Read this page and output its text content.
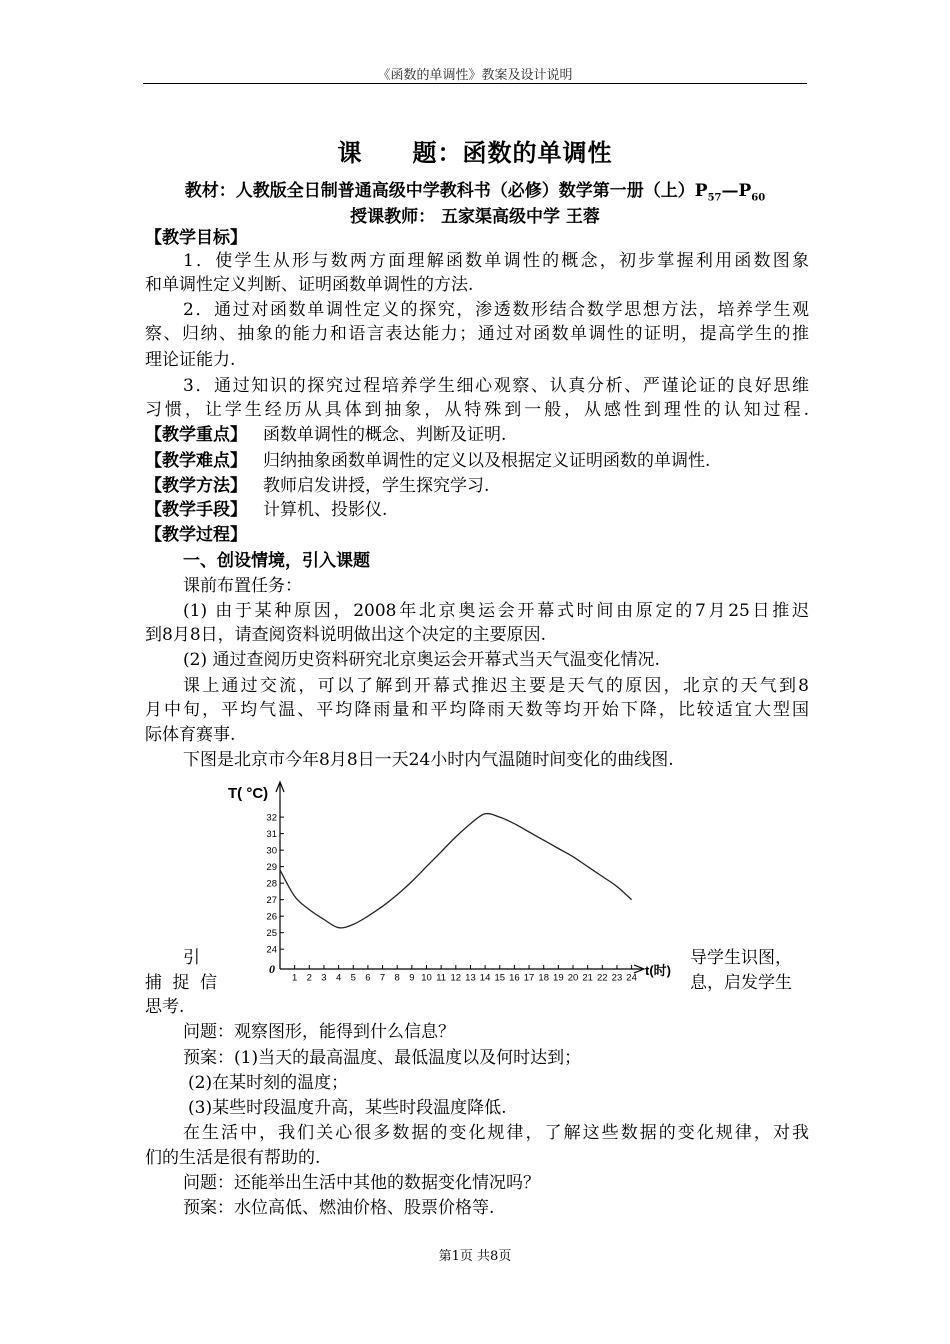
《函数的单调性》教案及设计说明
课　　题：函数的单调性
教材：人教版全日制普通高级中学教科书（必修）数学第一册（上）$P_{57}—P_{60}$
授课教师： 五家渠高级中学 王蓉
【教学目标】
1．使学生从形与数两方面理解函数单调性的概念，初步掌握利用函数图象
和单调性定义判断、证明函数单调性的方法.
2．通过对函数单调性定义的探究，渗透数形结合数学思想方法，培养学生观
察、归纳、抽象的能力和语言表达能力；通过对函数单调性的证明，提高学生的推
理论证能力.
3．通过知识的探究过程培养学生细心观察、认真分析、严谨论证的良好思维
习惯，让学生经历从具体到抽象，从特殊到一般，从感性到理性的认知过程.
【教学重点】 函数单调性的概念、判断及证明.
【教学难点】 归纳抽象函数单调性的定义以及根据定义证明函数的单调性.
【教学方法】 教师启发讲授，学生探究学习.
【教学手段】 计算机、投影仪.
【教学过程】
一、创设情境，引入课题
课前布置任务：
(1) 由于某种原因，2008年北京奥运会开幕式时间由原定的7月25日推迟
到8月8日，请查阅资料说明做出这个决定的主要原因.
(2) 通过查阅历史资料研究北京奥运会开幕式当天气温变化情况.
课上通过交流，可以了解到开幕式推迟主要是天气的原因，北京的天气到8
月中旬，平均气温、平均降雨量和平均降雨天数等均开始下降，比较适宜大型国
际体育赛事.
下图是北京市今年8月8日一天24小时内气温随时间变化的曲线图.
1 2 3 4 5 6 7 8 9 10 11 12 13 14 15 16 17 18 19 20 21 22 23 24
24
25
26
27
28
29
30
31
32
0
T( °C)
t(时)
引	导学生识图，
捕 捉 信	息，启发学生
思考.
问题：观察图形，能得到什么信息？
预案：(1)当天的最高温度、最低温度以及何时达到；
(2)在某时刻的温度；
(3)某些时段温度升高，某些时段温度降低.
在生活中，我们关心很多数据的变化规律，了解这些数据的变化规律，对我
们的生活是很有帮助的.
问题：还能举出生活中其他的数据变化情况吗？
预案：水位高低、燃油价格、股票价格等.
第1页 共8页
